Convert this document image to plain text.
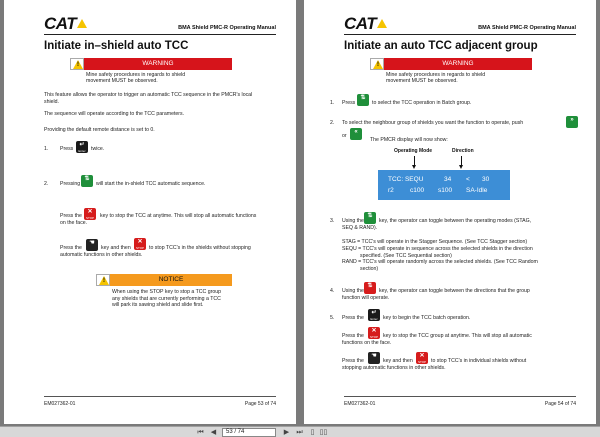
CAT	BMA Shield PMC-R Operating Manual
Initiate in–shield auto TCC
!	WARNING
Mine safety procedures in regards to shield
movement MUST be observed.
This feature allows the operator to trigger an automatic TCC sequence in the PMCR's local
shield.
The sequence will operate according to the TCC parameters.
Providing the default remote distance is set to 0.
1. Press
↵
Enter	twice.
2. Pressing
⇅
will start the in-shield TCC automatic sequence.
✕
STOP
Press the	key to stop the TCC at anytime. This will stop all automatic functions
on the face.
Press the
☚
key and then
✕
STOP to stop TCC's in the shields without stopping
automatic functions in other shields.
!	NOTICE
When using the STOP key to stop a TCC group
any shields that are currently performing a TCC
will park its sawing shield and slide first.
EM027362-01	Page 53 of 74
CAT	BMA Shield PMC-R Operating Manual
Initiate an auto TCC adjacent group
!	WARNING
Mine safety procedures in regards to shield
movement MUST be observed.
1. Press
⇅
to select the TCC operation in Batch group.
2. To select the neighbour group of shields you want the function to operate, push	»
or
«
The PMCR display will now show:
Operating Mode	Direction
TCC: SEQU	34 < 30
r2 c100 s100 SA-Idle
3. Using the
⇅
key, the operator can toggle between the operating modes (STAG,
SEQ & RAND).
STAG = TCC's will operate in the Stagger Sequence. (See TCC Stagger section)
SEQU = TCC's will operate in sequence across the selected shields in the direction
specified. (See TCC Sequential section)
RAND = TCC's will operate randomly across the selected shields. (See TCC Random
section)
4. Using the
⇅
key, the operator can toggle between the directions that the group
function will operate.
5. Press the
↵
Enter	key to begin the TCC batch operation.
Press the
✕
STOP key to stop the TCC group at anytime. This will stop all automatic
functions on the face.
Press the
☚
key and then
✕
STOP to stop TCC's in individual shields without
stopping automatic functions in other shields.
EM027362-01	Page 54 of 74
⏮ ◀	53 / 74	▶ ⏭	▯ ▯▯
